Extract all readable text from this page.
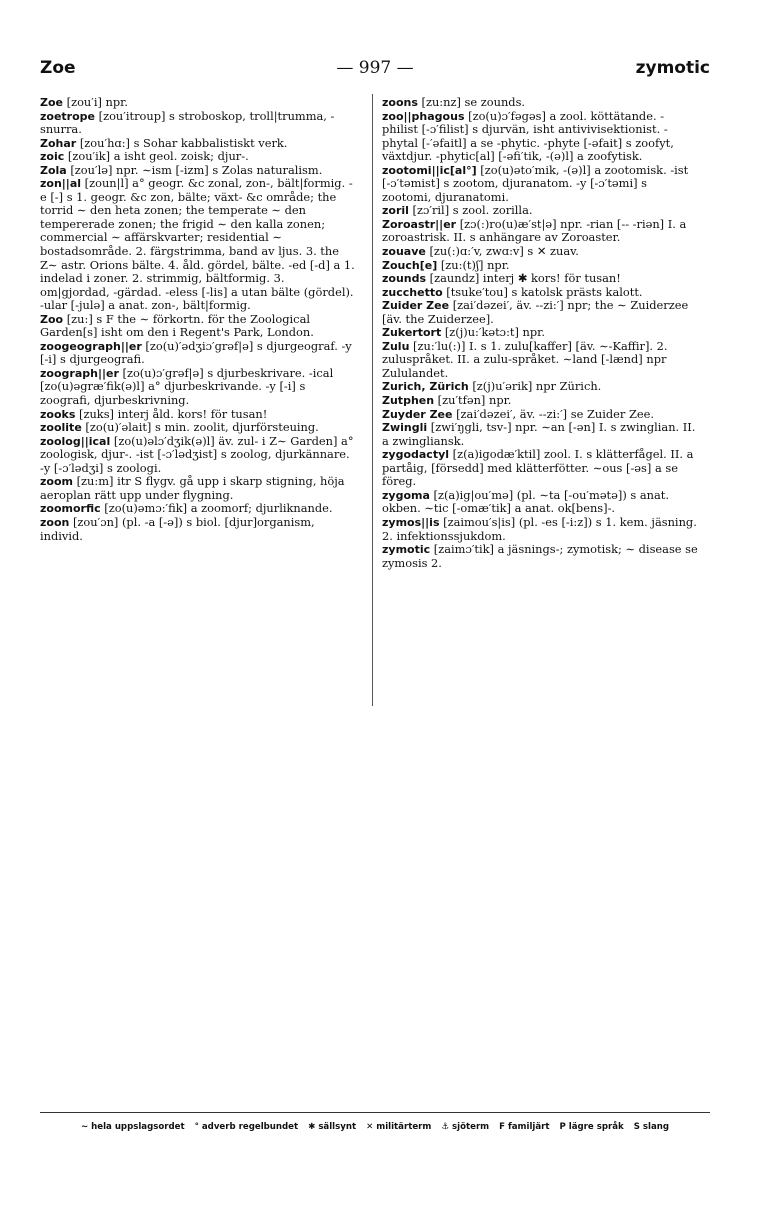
— 997 —
Zoe	zymotic

Zoe [zou′i] npr.

zoetrope [zou′itroup] s stroboskop, troll|trumma, -snurra.

Zohar [zou′hɑ:] s Sohar kabbalistiskt verk.

zoic [zou′ik] a isht geol. zoisk; djur-.

Zola [zou′lə] npr. ∼ism [-izm] s Zolas naturalism.

zon||al [zoun|l] a° geogr. &c zonal, zon-, bält|formig. -e [-] s 1. geogr. &c zon, bälte; växt- &c område; the torrid ∼ den heta zonen; the temperate ∼ den tempererade zonen; the frigid ∼ den kalla zonen; commercial ∼ affärskvarter; residential ∼ bostadsområde. 2. färgstrimma, band av ljus. 3. the Z∼ astr. Orions bälte. 4. åld. gördel, bälte. -ed [-d] a 1. indelad i zoner. 2. strimmig, bältformig. 3. om|gjordad, -gärdad. -eless [-lis] a utan bälte (gördel). -ular [-julə] a anat. zon-, bält|formig.

Zoo [zu:] s F the ∼ förkortn. för the Zoological Garden[s] isht om den i Regent's Park, London.

zoogeograph||er [zo(u)′ədʒiɔ′grəf|ə] s djurgeograf. -y [-i] s djurgeografi.

zoograph||er [zo(u)ɔ′grəf|ə] s djurbeskrivare. -ical [zo(u)əgræ′fik(ə)l] a° djurbeskrivande. -y [-i] s zoografi, djurbeskrivning.

zooks [zuks] interj åld. kors! för tusan!

zoolite [zo(u)′əlait] s min. zoolit, djurförsteuing.

zoolog||ical [zo(u)əlɔ′dʒik(ə)l] äv. zul- i Z∼ Garden] a° zoologisk, djur-. -ist [-ɔ′lədʒist] s zoolog, djurkännare. -y [-ɔ′lədʒi] s zoologi.

zoom [zu:m] itr S flygv. gå upp i skarp stigning, höja aeroplan rätt upp under flygning.

zoomorfic [zo(u)əmɔ:′fik] a zoomorf; djurliknande.

zoon [zou′ɔn] (pl. -a [-ə]) s biol. [djur]organism, individ.

zoons [zu:nz] se zounds.

zoo||phagous [zo(u)ɔ′fəgəs] a zool. köttätande. -philist [-ɔ′filist] s djurvän, isht antivivisektionist. -phytal [-′əfaitl] a se -phytic. -phyte [-əfait] s zoofyt, växtdjur. -phytic[al] [-əfi′tik, -(ə)l] a zoofytisk.

zootomi||ic[al°] [zo(u)əto′mik, -(ə)l] a zootomisk. -ist [-ɔ′təmist] s zootom, djuranatom. -y [-ɔ′təmi] s zootomi, djuranatomi.

zoril [zɔ′ril] s zool. zorilla.

Zoroastr||er [zɔ(:)ro(u)æ′st|ə] npr. -rian [-- -riən] I. a zoroastrisk. II. s anhängare av Zoroaster.

zouave [zu(:)ɑ:′v, zwɑ:v] s ✕ zuav.

Zouch[e] [zu:(t)ʃ] npr.

zounds [zaundz] interj ✱ kors! för tusan!

zucchetto [tsuke′tou] s katolsk prästs kalott.

Zuider Zee [zai′dəzei′, äv. --zi:′] npr; the ∼ Zuiderzee [äv. the Zuiderzee].

Zukertort [z(j)u:′kətɔ:t] npr.

Zulu [zu:′lu(:)] I. s 1. zulu[kaffer] [äv. ∼-Kaffir]. 2. zuluspråket. II. a zulu-språket. ∼land [-lænd] npr Zululandet.

Zurich, Zürich [z(j)u′ərik] npr Zürich.

Zutphen [zu′tfən] npr.

Zuyder Zee [zai′dəzei′, äv. --zi:′] se Zuider Zee.

Zwingli [zwi′ŋgli, tsv-] npr. ∼an [-ən] I. s zwinglian. II. a zwingliansk.

zygodactyl [z(a)igodæ′ktil] zool. I. s klätterfågel. II. a partåig, [försedd] med klätterfötter. ∼ous [-əs] a se föreg.

zygoma [z(a)ig|ou′mə] (pl. ∼ta [-ou′mətə]) s anat. okben. ∼tic [-omæ′tik] a anat. ok[bens]-.

zymos||is [zaimou′s|is] (pl. -es [-i:z]) s 1. kem. jäsning. 2. infektionssjukdom.

zymotic [zaimɔ′tik] a jäsnings-; zymotisk; ∼ disease se zymosis 2.

∼ hela uppslagsordet ° adverb regelbundet ✱ sällsynt ✕ militärterm ⚓ sjöterm F familjärt P lägre språk S slang
